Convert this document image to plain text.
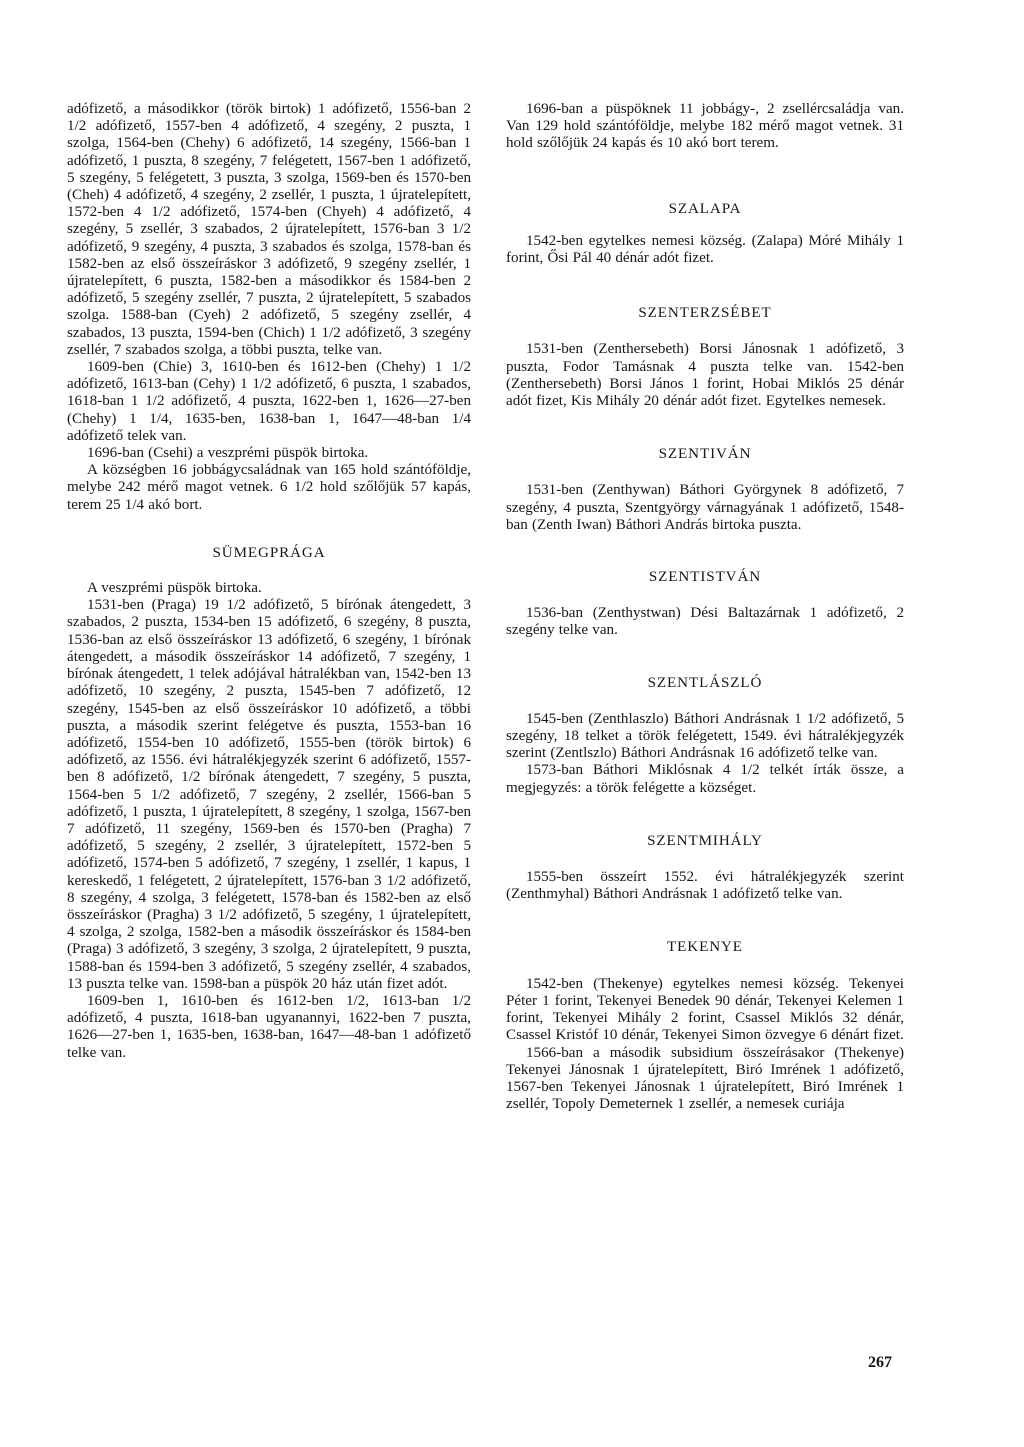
adófizető, a másodikkor (török birtok) 1 adófizető, 1556-ban 2 1/2 adófizető, 1557-ben 4 adófizető, 4 szegény, 2 puszta, 1 szolga, 1564-ben (Chehy) 6 adófizető, 14 szegény, 1566-ban 1 adófizető, 1 puszta, 8 szegény, 7 felégetett, 1567-ben 1 adófizető, 5 szegény, 5 felégetett, 3 puszta, 3 szolga, 1569-ben és 1570-ben (Cheh) 4 adófizető, 4 szegény, 2 zsellér, 1 puszta, 1 újratelepített, 1572-ben 4 1/2 adófizető, 1574-ben (Chyeh) 4 adófizető, 4 szegény, 5 zsellér, 3 szabados, 2 újratelepített, 1576-ban 3 1/2 adófizető, 9 szegény, 4 puszta, 3 szabados és szolga, 1578-ban és 1582-ben az első összeíráskor 3 adófizető, 9 szegény zsellér, 1 újratelepített, 6 puszta, 1582-ben a másodikkor és 1584-ben 2 adófizető, 5 szegény zsellér, 7 puszta, 2 újratelepített, 5 szabados szolga. 1588-ban (Cyeh) 2 adófizető, 5 szegény zsellér, 4 szabados, 13 puszta, 1594-ben (Chich) 1 1/2 adófizető, 3 szegény zsellér, 7 szabados szolga, a többi puszta, telke van.

1609-ben (Chie) 3, 1610-ben és 1612-ben (Chehy) 1 1/2 adófizető, 1613-ban (Cehy) 1 1/2 adófizető, 6 puszta, 1 szabados, 1618-ban 1 1/2 adófizető, 4 puszta, 1622-ben 1, 1626—27-ben (Chehy) 1 1/4, 1635-ben, 1638-ban 1, 1647—48-ban 1/4 adófizető telek van.

1696-ban (Csehi) a veszprémi püspök birtoka.

A községben 16 jobbágycsaládnak van 165 hold szántóföldje, melybe 242 mérő magot vetnek. 6 1/2 hold szőlőjük 57 kapás, terem 25 1/4 akó bort.

SÜMEGPRÁGA

A veszprémi püspök birtoka.

1531-ben (Praga) 19 1/2 adófizető, 5 bírónak átengedett, 3 szabados, 2 puszta, 1534-ben 15 adófizető, 6 szegény, 8 puszta, 1536-ban az első összeíráskor 13 adófizető, 6 szegény, 1 bírónak átengedett, a második összeíráskor 14 adófizető, 7 szegény, 1 bírónak átengedett, 1 telek adójával hátralékban van, 1542-ben 13 adófizető, 10 szegény, 2 puszta, 1545-ben 7 adófizető, 12 szegény, 1545-ben az első összeíráskor 10 adófizető, a többi puszta, a második szerint felégetve és puszta, 1553-ban 16 adófizető, 1554-ben 10 adófizető, 1555-ben (török birtok) 6 adófizető, az 1556. évi hátralékjegyzék szerint 6 adófizető, 1557-ben 8 adófizető, 1/2 bírónak átengedett, 7 szegény, 5 puszta, 1564-ben 5 1/2 adófizető, 7 szegény, 2 zsellér, 1566-ban 5 adófizető, 1 puszta, 1 újratelepített, 8 szegény, 1 szolga, 1567-ben 7 adófizető, 11 szegény, 1569-ben és 1570-ben (Pragha) 7 adófizető, 5 szegény, 2 zsellér, 3 újratelepített, 1572-ben 5 adófizető, 1574-ben 5 adófizető, 7 szegény, 1 zsellér, 1 kapus, 1 kereskedő, 1 felégetett, 2 újratelepített, 1576-ban 3 1/2 adófizető, 8 szegény, 4 szolga, 3 felégetett, 1578-ban és 1582-ben az első összeíráskor (Pragha) 3 1/2 adófizető, 5 szegény, 1 újratelepített, 4 szolga, 2 szolga, 1582-ben a második összeíráskor és 1584-ben (Praga) 3 adófizető, 3 szegény, 3 szolga, 2 újratelepített, 9 puszta, 1588-ban és 1594-ben 3 adófizető, 5 szegény zsellér, 4 szabados, 13 puszta telke van. 1598-ban a püspök 20 ház után fizet adót.

1609-ben 1, 1610-ben és 1612-ben 1/2, 1613-ban 1/2 adófizető, 4 puszta, 1618-ban ugyanannyi, 1622-ben 7 puszta, 1626—27-ben 1, 1635-ben, 1638-ban, 1647—48-ban 1 adófizető telke van.

1696-ban a püspöknek 11 jobbágy-, 2 zsellércsaládja van. Van 129 hold szántóföldje, melybe 182 mérő magot vetnek. 31 hold szőlőjük 24 kapás és 10 akó bort terem.

SZALAPA

1542-ben egytelkes nemesi község. (Zalapa) Móré Mihály 1 forint, Ősi Pál 40 dénár adót fizet.

SZENTERZSÉBET

1531-ben (Zenthersebeth) Borsi Jánosnak 1 adófizető, 3 puszta, Fodor Tamásnak 4 puszta telke van. 1542-ben (Zenthersebeth) Borsi János 1 forint, Hobai Miklós 25 dénár adót fizet, Kis Mihály 20 dénár adót fizet. Egytelkes nemesek.

SZENTIVÁN

1531-ben (Zenthywan) Báthori Györgynek 8 adófizető, 7 szegény, 4 puszta, Szentgyörgy várnagyának 1 adófizető, 1548-ban (Zenth Iwan) Báthori András birtoka puszta.

SZENTISTVÁN

1536-ban (Zenthystwan) Dési Baltazárnak 1 adófizető, 2 szegény telke van.

SZENTLÁSZLÓ

1545-ben (Zenthlaszlo) Báthori Andrásnak 1 1/2 adófizető, 5 szegény, 18 telket a török felégetett, 1549. évi hátralékjegyzék szerint (Zentlszlo) Báthori Andrásnak 16 adófizető telke van.

1573-ban Báthori Miklósnak 4 1/2 telkét írták össze, a megjegyzés: a török felégette a községet.

SZENTMIHÁLY

1555-ben összeírt 1552. évi hátralékjegyzék szerint (Zenthmyhal) Báthori Andrásnak 1 adófizető telke van.

TEKENYE

1542-ben (Thekenye) egytelkes nemesi község. Tekenyei Péter 1 forint, Tekenyei Benedek 90 dénár, Tekenyei Kelemen 1 forint, Tekenyei Mihály 2 forint, Csassel Miklós 32 dénár, Csassel Kristóf 10 dénár, Tekenyei Simon özvegye 6 dénárt fizet.

1566-ban a második subsidium összeírásakor (Thekenye) Tekenyei Jánosnak 1 újratelepített, Biró Imrének 1 adófizető, 1567-ben Tekenyei Jánosnak 1 újratelepített, Biró Imrének 1 zsellér, Topoly Demeternek 1 zsellér, a nemesek curiája

267
